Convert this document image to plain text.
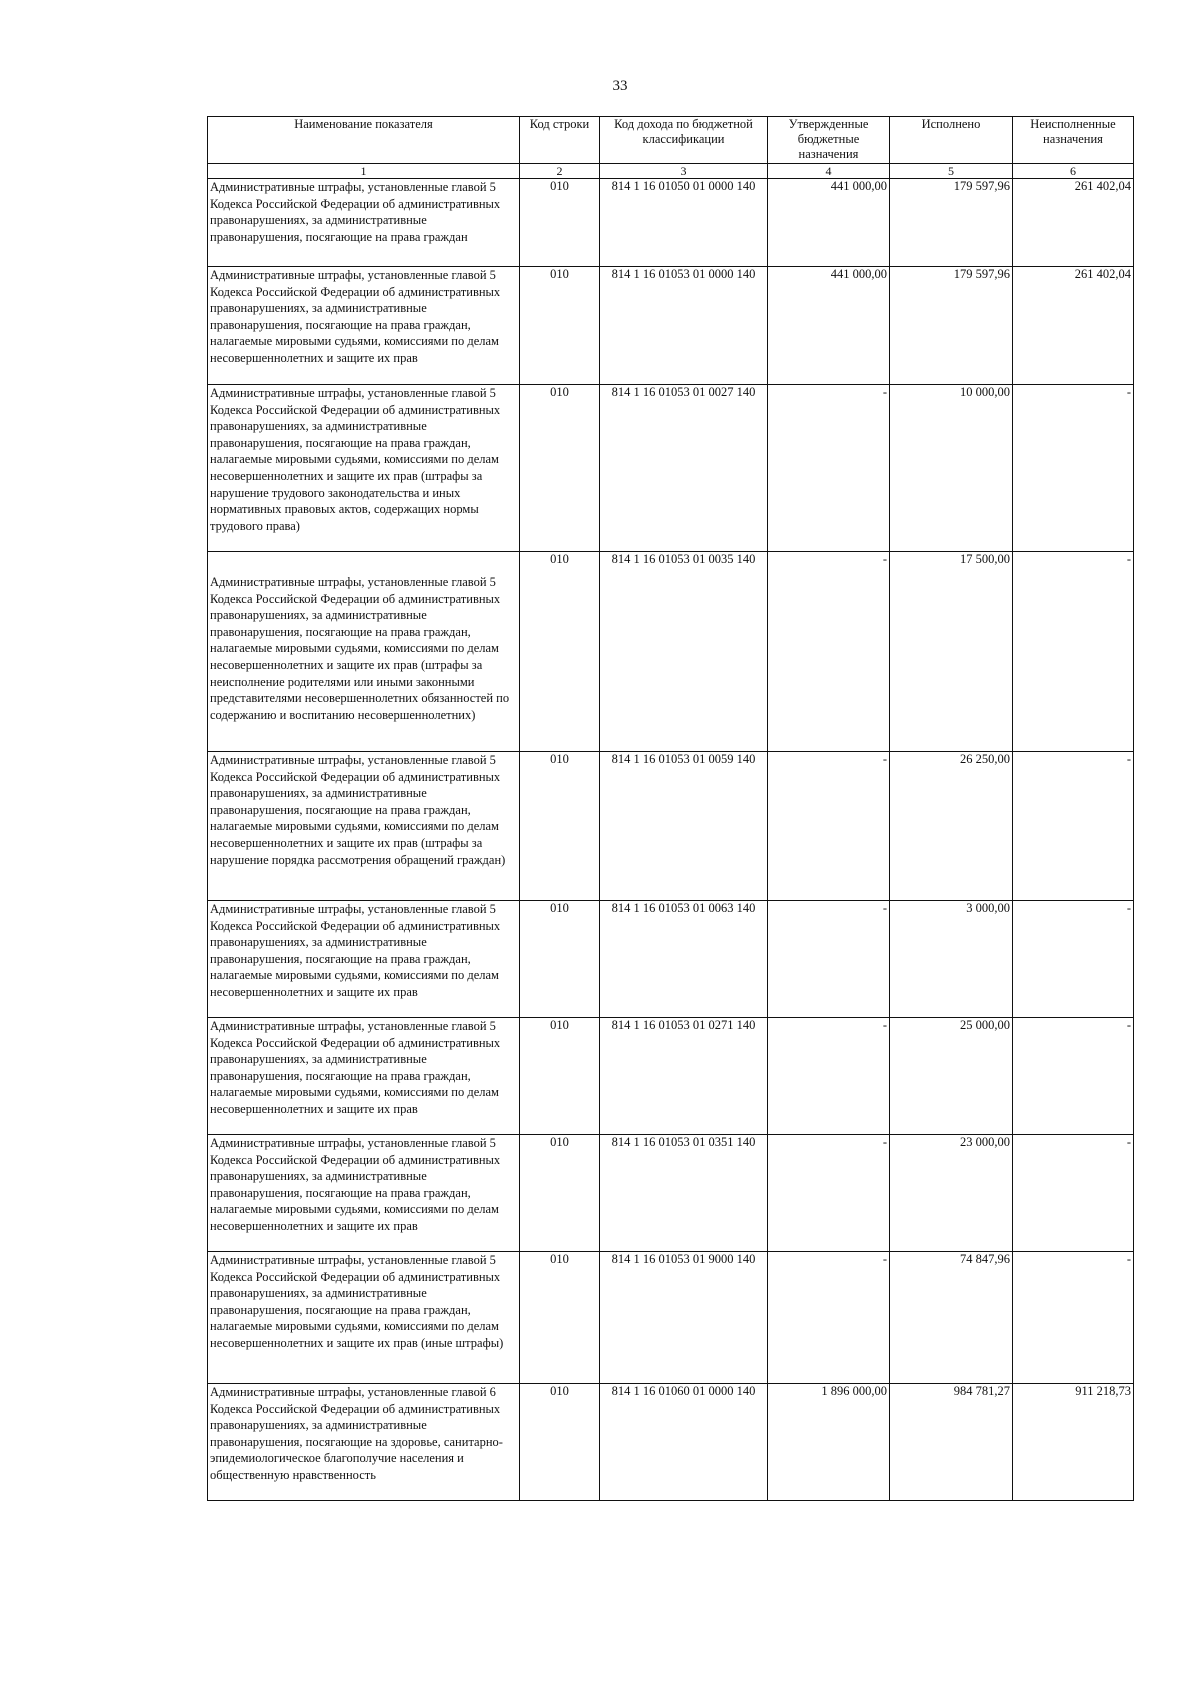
33
Наименование показателя	Код строки	Код дохода по бюджетной классификации	Утвержденные бюджетные назначения	Исполнено	Неисполненные назначения
1	2	3	4	5	6
Административные штрафы, установленные главой 5 Кодекса Российской Федерации об административных правонарушениях, за административные правонарушения, посягающие на права граждан	010	814 1 16 01050 01 0000 140	441 000,00	179 597,96	261 402,04
Административные штрафы, установленные главой 5 Кодекса Российской Федерации об административных правонарушениях, за административные правонарушения, посягающие на права граждан, налагаемые мировыми судьями, комиссиями по делам несовершеннолетних и защите их прав	010	814 1 16 01053 01 0000 140	441 000,00	179 597,96	261 402,04
Административные штрафы, установленные главой 5 Кодекса Российской Федерации об административных правонарушениях, за административные правонарушения, посягающие на права граждан, налагаемые мировыми судьями, комиссиями по делам несовершеннолетних и защите их прав (штрафы за нарушение трудового законодательства и иных нормативных правовых актов, содержащих нормы трудового права)	010	814 1 16 01053 01 0027 140	-	10 000,00	-
Административные штрафы, установленные главой 5 Кодекса Российской Федерации об административных правонарушениях, за административные правонарушения, посягающие на права граждан, налагаемые мировыми судьями, комиссиями по делам несовершеннолетних и защите их прав (штрафы за неисполнение родителями или иными законными представителями несовершеннолетних обязанностей по содержанию и воспитанию несовершеннолетних)	010	814 1 16 01053 01 0035 140	-	17 500,00	-
Административные штрафы, установленные главой 5 Кодекса Российской Федерации об административных правонарушениях, за административные правонарушения, посягающие на права граждан, налагаемые мировыми судьями, комиссиями по делам несовершеннолетних и защите их прав (штрафы за нарушение порядка рассмотрения обращений граждан)	010	814 1 16 01053 01 0059 140	-	26 250,00	-
Административные штрафы, установленные главой 5 Кодекса Российской Федерации об административных правонарушениях, за административные правонарушения, посягающие на права граждан, налагаемые мировыми судьями, комиссиями по делам несовершеннолетних и защите их прав	010	814 1 16 01053 01 0063 140	-	3 000,00	-
Административные штрафы, установленные главой 5 Кодекса Российской Федерации об административных правонарушениях, за административные правонарушения, посягающие на права граждан, налагаемые мировыми судьями, комиссиями по делам несовершеннолетних и защите их прав	010	814 1 16 01053 01 0271 140	-	25 000,00	-
Административные штрафы, установленные главой 5 Кодекса Российской Федерации об административных правонарушениях, за административные правонарушения, посягающие на права граждан, налагаемые мировыми судьями, комиссиями по делам несовершеннолетних и защите их прав	010	814 1 16 01053 01 0351 140	-	23 000,00	-
Административные штрафы, установленные главой 5 Кодекса Российской Федерации об административных правонарушениях, за административные правонарушения, посягающие на права граждан, налагаемые мировыми судьями, комиссиями по делам несовершеннолетних и защите их прав (иные штрафы)	010	814 1 16 01053 01 9000 140	-	74 847,96	-
Административные штрафы, установленные главой 6 Кодекса Российской Федерации об административных правонарушениях, за административные правонарушения, посягающие на здоровье, санитарно-эпидемиологическое благополучие населения и общественную нравственность	010	814 1 16 01060 01 0000 140	1 896 000,00	984 781,27	911 218,73
